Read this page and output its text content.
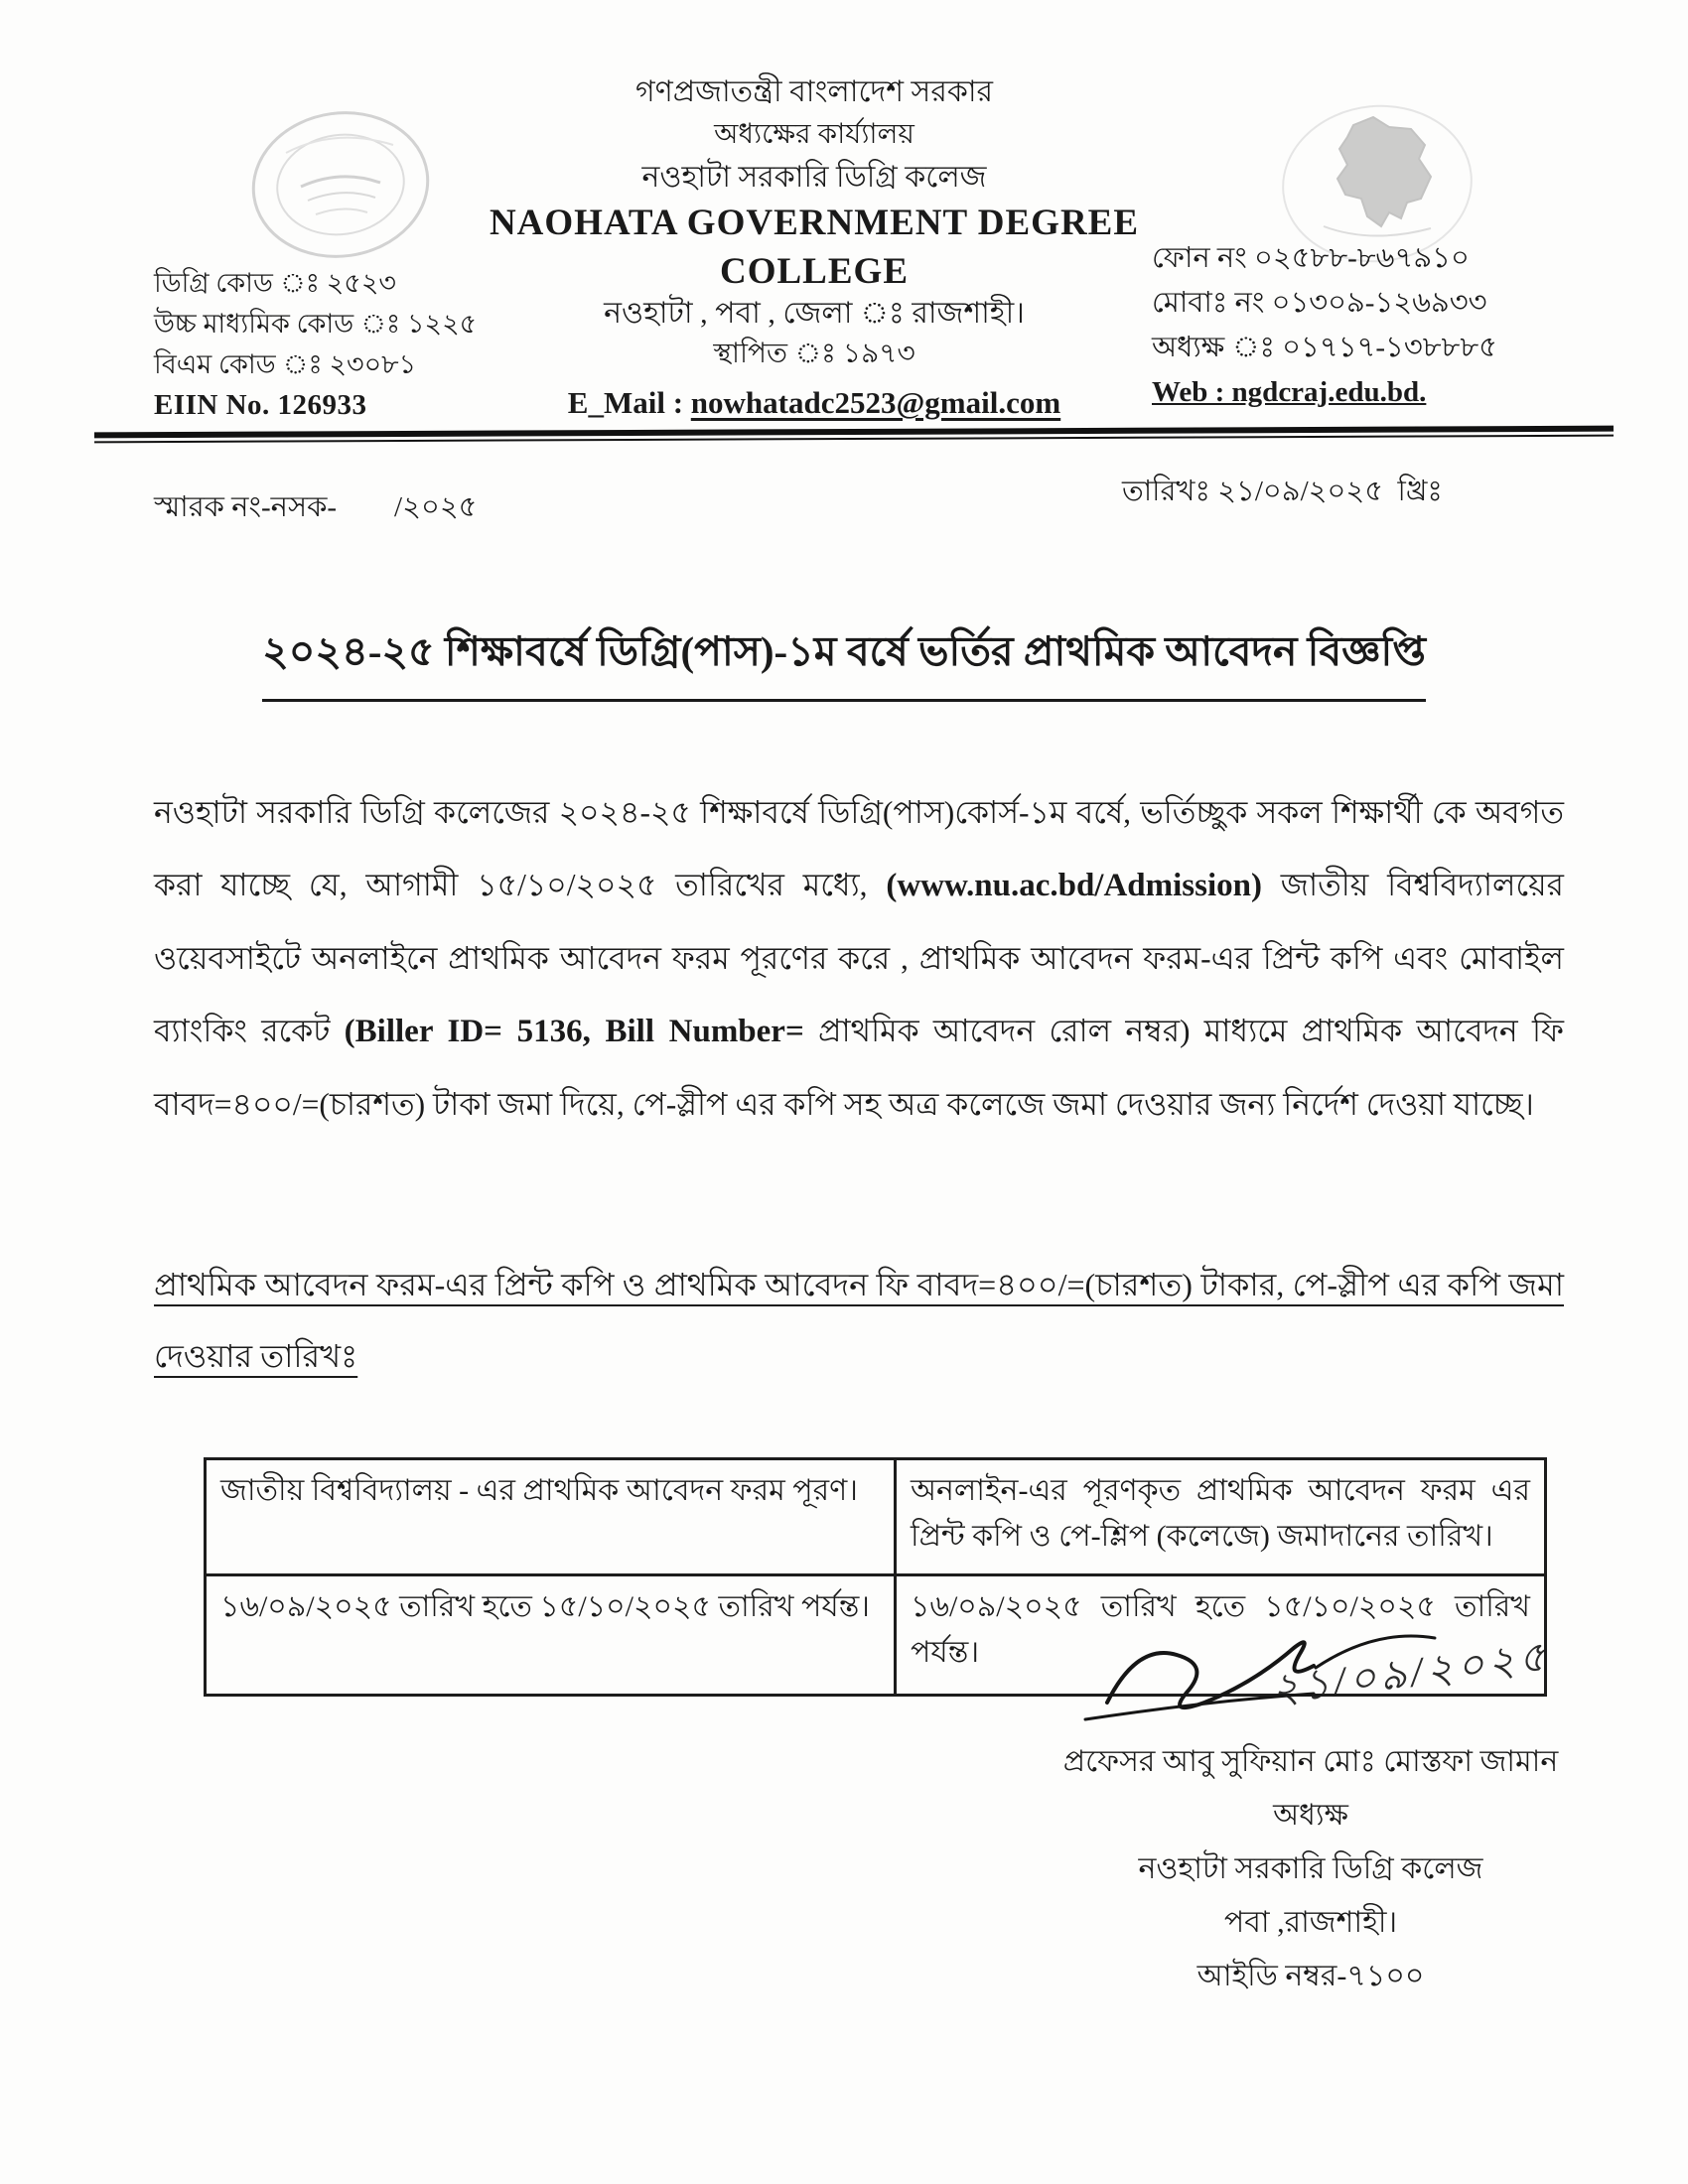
গণপ্রজাতন্ত্রী বাংলাদেশ সরকার
অধ্যক্ষের কার্য্যালয়
নওহাটা সরকারি ডিগ্রি কলেজ
NAOHATA GOVERNMENT DEGREE
COLLEGE
নওহাটা , পবা , জেলা ঃ রাজশাহী।
স্থাপিত ঃ ১৯৭৩
E_Mail : nowhatadc2523@gmail.com
ডিগ্রি কোড ঃ ২৫২৩
উচ্চ মাধ্যমিক কোড ঃ ১২২৫
বিএম কোড ঃ ২৩০৮১
EIIN No. 126933
ফোন নং ০২৫৮৮-৮৬৭৯১০
মোবাঃ নং ০১৩০৯-১২৬৯৩৩
অধ্যক্ষ ঃ ০১৭১৭-১৩৮৮৮৫
Web : ngdcraj.edu.bd.
স্মারক নং-নসক-        /২০২৫	তারিখঃ ২১/০৯/২০২৫  খ্রিঃ
২০২৪-২৫ শিক্ষাবর্ষে ডিগ্রি(পাস)-১ম বর্ষে ভর্তির প্রাথমিক আবেদন বিজ্ঞপ্তি
নওহাটা সরকারি ডিগ্রি কলেজের ২০২৪-২৫ শিক্ষাবর্ষে ডিগ্রি(পাস)কোর্স-১ম বর্ষে, ভর্তিচ্ছুক সকল শিক্ষার্থী কে অবগত করা যাচ্ছে যে, আগামী ১৫/১০/২০২৫ তারিখের মধ্যে, (www.nu.ac.bd/Admission) জাতীয় বিশ্ববিদ্যালয়ের ওয়েবসাইটে অনলাইনে প্রাথমিক আবেদন ফরম পূরণের করে , প্রাথমিক আবেদন ফরম-এর প্রিন্ট কপি এবং মোবাইল ব্যাংকিং রকেট (Biller ID= 5136, Bill Number= প্রাথমিক আবেদন রোল নম্বর) মাধ্যমে প্রাথমিক আবেদন ফি বাবদ=৪০০/=(চারশত) টাকা জমা দিয়ে, পে-স্লীপ এর কপি সহ অত্র কলেজে জমা দেওয়ার জন্য নির্দেশ দেওয়া যাচ্ছে।
প্রাথমিক আবেদন ফরম-এর প্রিন্ট কপি ও প্রাথমিক আবেদন ফি বাবদ=৪০০/=(চারশত) টাকার, পে-স্লীপ এর কপি জমা দেওয়ার তারিখঃ
জাতীয় বিশ্ববিদ্যালয় - এর প্রাথমিক আবেদন ফরম পূরণ।	অনলাইন-এর পূরণকৃত প্রাথমিক আবেদন ফরম এর প্রিন্ট কপি ও পে-শ্লিপ (কলেজে) জমাদানের তারিখ।
১৬/০৯/২০২৫ তারিখ হতে ১৫/১০/২০২৫ তারিখ পর্যন্ত।	১৬/০৯/২০২৫ তারিখ হতে ১৫/১০/২০২৫ তারিখ পর্যন্ত।	২১/০৯/২০২৫
প্রফেসর আবু সুফিয়ান মোঃ মোস্তফা জামান
অধ্যক্ষ
নওহাটা সরকারি ডিগ্রি কলেজ
পবা ,রাজশাহী।
আইডি নম্বর-৭১০০
